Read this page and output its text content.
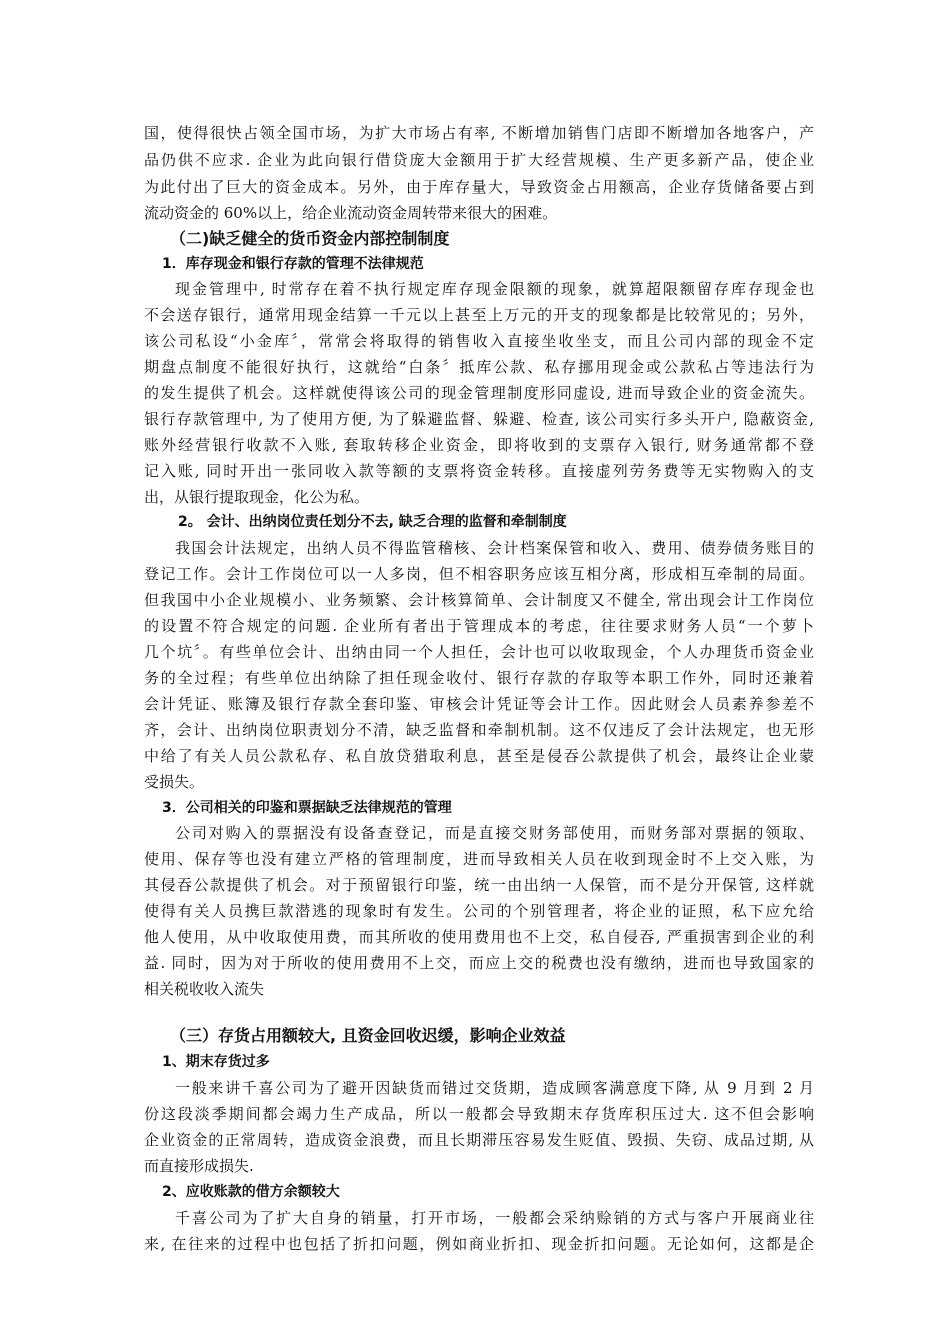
国，使得很快占领全国市场，为扩大市场占有率, 不断增加销售门店即不断增加各地客户，产
品仍供不应求. 企业为此向银行借贷庞大金额用于扩大经营规模、生产更多新产品，使企业
为此付出了巨大的资金成本。另外，由于库存量大，导致资金占用额高，企业存货储备要占到
流动资金的 60%以上，给企业流动资金周转带来很大的困难。
（二)缺乏健全的货币资金内部控制制度
1．库存现金和银行存款的管理不法律规范
现金管理中, 时常存在着不执行规定库存现金限额的现象，就算超限额留存库存现金也
不会送存银行，通常用现金结算一千元以上甚至上万元的开支的现象都是比较常见的；另外，
该公司私设“小金库〞，常常会将取得的销售收入直接坐收坐支，而且公司内部的现金不定
期盘点制度不能很好执行，这就给“白条〞抵库公款、私存挪用现金或公款私占等违法行为
的发生提供了机会。这样就使得该公司的现金管理制度形同虚设, 进而导致企业的资金流失。
银行存款管理中, 为了使用方便, 为了躲避监督、躲避、检查, 该公司实行多头开户, 隐蔽资金,
账外经营银行收款不入账, 套取转移企业资金，即将收到的支票存入银行, 财务通常都不登
记入账, 同时开出一张同收入款等额的支票将资金转移。直接虚列劳务费等无实物购入的支
出，从银行提取现金，化公为私。
2。 会计、出纳岗位责任划分不去, 缺乏合理的监督和牵制制度
我国会计法规定，出纳人员不得监管稽核、会计档案保管和收入、费用、债券债务账目的
登记工作。会计工作岗位可以一人多岗，但不相容职务应该互相分离，形成相互牵制的局面。
但我国中小企业规模小、业务频繁、会计核算简单、会计制度又不健全, 常出现会计工作岗位
的设置不符合规定的问题. 企业所有者出于管理成本的考虑，往往要求财务人员“一个萝卜
几个坑〞。有些单位会计、出纳由同一个人担任，会计也可以收取现金，个人办理货币资金业
务的全过程；有些单位出纳除了担任现金收付、银行存款的存取等本职工作外，同时还兼着
会计凭证、账簿及银行存款全套印鉴、审核会计凭证等会计工作。因此财会人员素养参差不
齐，会计、出纳岗位职责划分不清，缺乏监督和牵制机制。这不仅违反了会计法规定，也无形
中给了有关人员公款私存、私自放贷猎取利息，甚至是侵吞公款提供了机会，最终让企业蒙
受损失。
3．公司相关的印鉴和票据缺乏法律规范的管理
公司对购入的票据没有设备查登记，而是直接交财务部使用，而财务部对票据的领取、
使用、保存等也没有建立严格的管理制度，进而导致相关人员在收到现金时不上交入账，为
其侵吞公款提供了机会。对于预留银行印鉴，统一由出纳一人保管，而不是分开保管, 这样就
使得有关人员携巨款潜逃的现象时有发生。公司的个别管理者，将企业的证照，私下应允给
他人使用，从中收取使用费，而其所收的使用费用也不上交，私自侵吞, 严重损害到企业的利
益. 同时，因为对于所收的使用费用不上交，而应上交的税费也没有缴纳，进而也导致国家的
相关税收收入流失
（三）存货占用额较大, 且资金回收迟缓，影响企业效益
1、期末存货过多
一般来讲千喜公司为了避开因缺货而错过交货期，造成顾客满意度下降, 从 9 月到 2 月
份这段淡季期间都会竭力生产成品，所以一般都会导致期末存货库积压过大. 这不但会影响
企业资金的正常周转，造成资金浪费，而且长期滞压容易发生贬值、毁损、失窃、成品过期, 从
而直接形成损失.
2、应收账款的借方余额较大
千喜公司为了扩大自身的销量，打开市场，一般都会采纳赊销的方式与客户开展商业往
来, 在往来的过程中也包括了折扣问题，例如商业折扣、现金折扣问题。无论如何，这都是企
